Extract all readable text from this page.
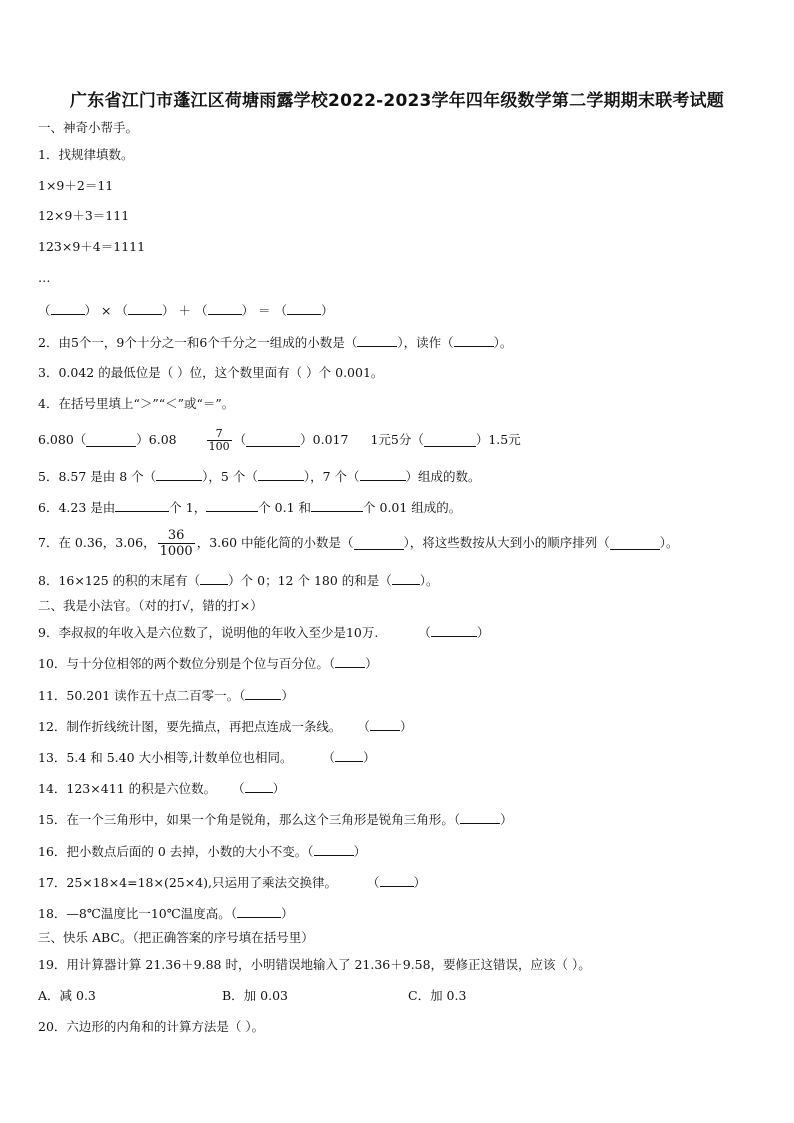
广东省江门市蓬江区荷塘雨露学校2022-2023学年四年级数学第二学期期末联考试题
一、神奇小帮手。
1．找规律填数。
1×9＋2＝11
12×9＋3＝111
123×9＋4＝1111
…
（	） × （	） ＋ （	） ＝ （	）
2．由5个一，9个十分之一和6个千分之一组成的小数是（	），读作（	）。
3．0.042 的最低位是（ ）位，这个数里面有（ ）个 0.001。
4．在括号里填上“＞”“＜”或“＝”。
6.080（	）6.08	$\frac{7}{100}$ （	）0.017 1元5分（	）1.5元
5．8.57 是由 8 个（	），5 个（	），7 个（	）组成的数。
6．4.23 是由	个 1，	个 0.1 和	个 0.01 组成的。
7．在 0.36，3.06， $\frac{36}{1000}$ ，3.60 中能化简的小数是（	），将这些数按从大到小的顺序排列（	）。
8．16×125 的积的末尾有（ ）个 0；12 个 180 的和是（ ）。
二、我是小法官。（对的打√，错的打×）
9．李叔叔的年收入是六位数了，说明他的年收入至少是10万.	（	）
10．与十分位相邻的两个数位分别是个位与百分位。（ ）
11．50.201 读作五十点二百零一。（	）
12．制作折线统计图，要先描点，再把点连成一条线。 （ ）
13．5.4 和 5.40 大小相等,计数单位也相同。 （ ）
14．123×411 的积是六位数。 （ ）
15．在一个三角形中，如果一个角是锐角，那么这个三角形是锐角三角形。（	）
16．把小数点后面的 0 去掉，小数的大小不变。（	）
17．25×18×4=18×(25×4),只运用了乘法交换律。 （	）
18．—8℃温度比一10℃温度高。（	）
三、快乐 ABC。（把正确答案的序号填在括号里）
19．用计算器计算 21.36＋9.88 时，小明错误地输入了 21.36＋9.58，要修正这错误，应该（ ）。
A．减 0.3	B．加 0.03	C．加 0.3
20．六边形的内角和的计算方法是（ ）。
